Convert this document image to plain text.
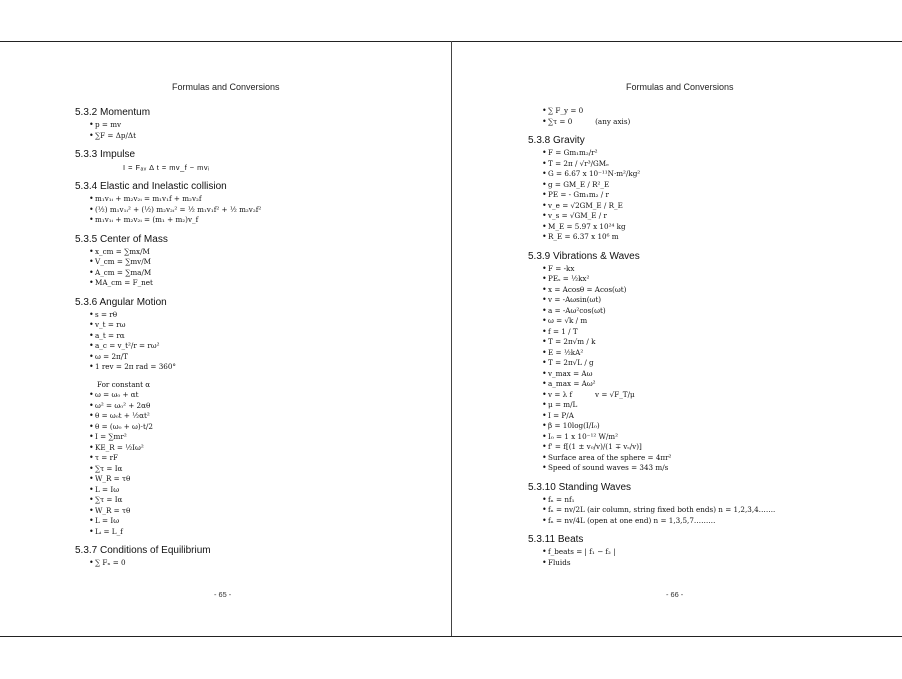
Formulas and Conversions
5.3.2 Momentum
• p = mv
• ∑F = Δp/Δt
5.3.3 Impulse
I = Fₐᵥ Δ t = mv_f − mvᵢ
5.3.4 Elastic and Inelastic collision
• m₁v₁ᵢ + m₂v₂ᵢ = m₁v₁f + m₂v₂f
• (½) m₁v₁ᵢ² + (½) m₂v₂ᵢ² = ½ m₁v₁f² + ½ m₂v₂f²
• m₁v₁ᵢ + m₂v₂ᵢ = (m₁ + m₂)v_f
5.3.5 Center of Mass
• x_cm = ∑mx/M
• V_cm = ∑mv/M
• A_cm = ∑ma/M
• MA_cm = F_net
5.3.6 Angular Motion
• s = rθ
• v_t = rω
• a_t = rα
• a_c = v_t²/r = rω²
• ω = 2π/T
• 1 rev = 2π rad = 360°
For constant α
• ω = ω₀ + αt
• ω² = ω₀² + 2αθ
• θ = ω₀t + ½αt²
• θ = (ω₀ + ω)·t/2
• I = ∑mr²
• KE_R = ½Iω²
• τ = rF
• ∑τ = Iα
• W_R = τθ
• L = Iω
• ∑τ = Iα
• W_R = τθ
• L = Iω
• Lᵢ = L_f
5.3.7 Conditions of Equilibrium
• ∑ Fₓ = 0
- 65 -
Formulas and Conversions
• ∑ F_y = 0
• ∑τ = 0          (any axis)
5.3.8 Gravity
• F = Gm₁m₂/r²
• T = 2π / √r³/GMₑ
• G = 6.67 x 10⁻¹¹N·m²/kg²
• g = GM_E / R²_E
• PE = - Gm₁m₂ / r
• v_e = √2GM_E / R_E
• v_s = √GM_E / r
• M_E = 5.97 x 10²⁴ kg
• R_E = 6.37 x 10⁶ m
5.3.9 Vibrations & Waves
• F = -kx
• PEₛ = ½kx²
• x = Acosθ = Acos(ωt)
• v = -Aωsin(ωt)
• a = -Aω²cos(ωt)
• ω = √k / m
• f = 1 / T
• T = 2π√m / k
• E = ½kA²
• T = 2π√L / g
• v_max = Aω
• a_max = Aω²
• v = λ f          v = √F_T/μ
• μ = m/L
• I = P/A
• β = 10log(I/I₀)
• I₀ = 1 x 10⁻¹² W/m²
• f' = f[(1 ± v₀/v)/(1 ∓ vₛ/v)]
• Surface area of the sphere = 4πr²
• Speed of sound waves = 343 m/s
5.3.10 Standing Waves
• fₙ = nf₁
• fₙ = nv/2L (air column, string fixed both ends) n = 1,2,3,4…….
• fₙ = nv/4L (open at one end) n = 1,3,5,7………
5.3.11 Beats
• f_beats = | f₁ − f₂ |
• Fluids
- 66 -
